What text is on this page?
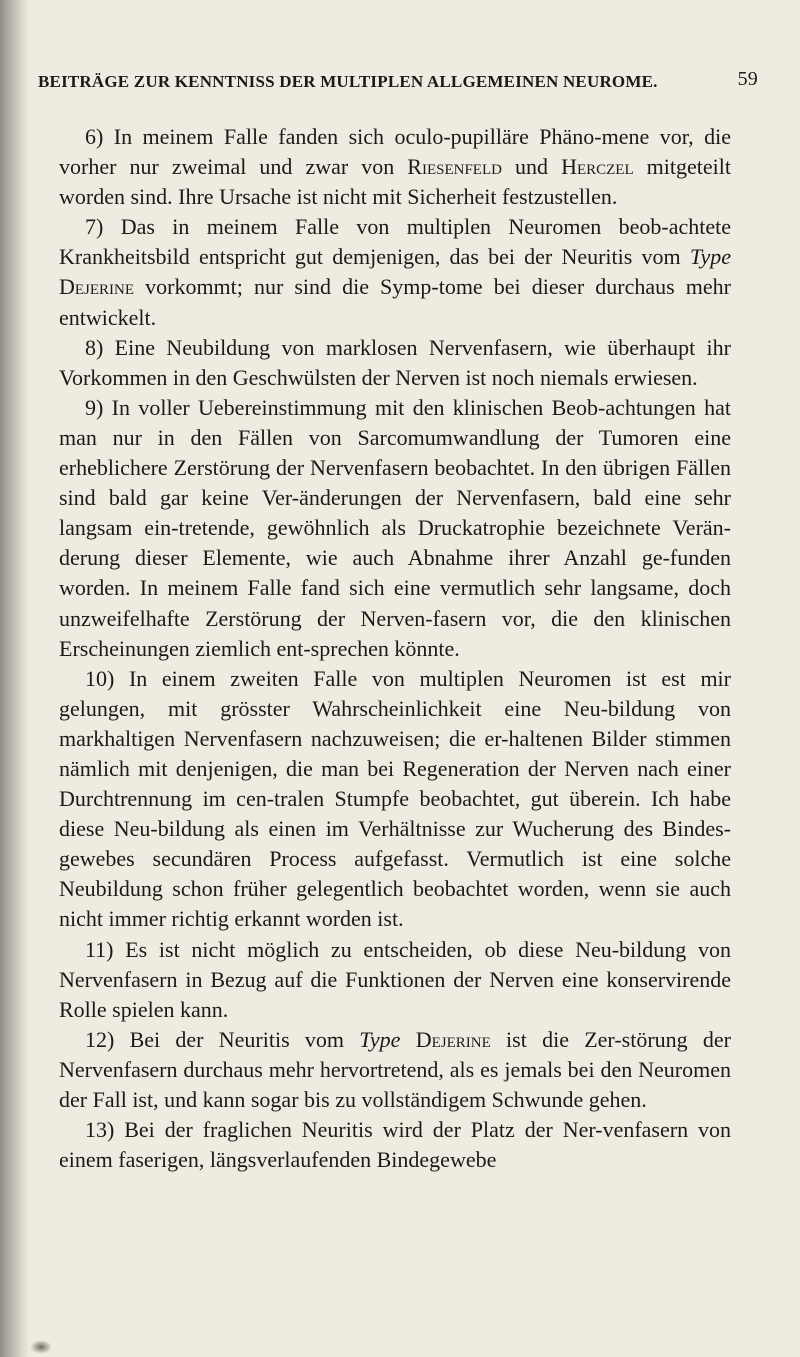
BEITRÄGE ZUR KENNTNISS DER MULTIPLEN ALLGEMEINEN NEUROME.	59

6) In meinem Falle fanden sich oculo-pupilläre Phäno-mene vor, die vorher nur zweimal und zwar von Riesenfeld und Herczel mitgeteilt worden sind. Ihre Ursache ist nicht mit Sicherheit festzustellen.

7) Das in meinem Falle von multiplen Neuromen beob-achtete Krankheitsbild entspricht gut demjenigen, das bei der Neuritis vom Type Dejerine vorkommt; nur sind die Symp-tome bei dieser durchaus mehr entwickelt.

8) Eine Neubildung von marklosen Nervenfasern, wie überhaupt ihr Vorkommen in den Geschwülsten der Nerven ist noch niemals erwiesen.

9) In voller Uebereinstimmung mit den klinischen Beob-achtungen hat man nur in den Fällen von Sarcomumwandlung der Tumoren eine erheblichere Zerstörung der Nervenfasern beobachtet. In den übrigen Fällen sind bald gar keine Ver-änderungen der Nervenfasern, bald eine sehr langsam ein-tretende, gewöhnlich als Druckatrophie bezeichnete Verän-derung dieser Elemente, wie auch Abnahme ihrer Anzahl ge-funden worden. In meinem Falle fand sich eine vermutlich sehr langsame, doch unzweifelhafte Zerstörung der Nerven-fasern vor, die den klinischen Erscheinungen ziemlich ent-sprechen könnte.

10) In einem zweiten Falle von multiplen Neuromen ist est mir gelungen, mit grösster Wahrscheinlichkeit eine Neu-bildung von markhaltigen Nervenfasern nachzuweisen; die er-haltenen Bilder stimmen nämlich mit denjenigen, die man bei Regeneration der Nerven nach einer Durchtrennung im cen-tralen Stumpfe beobachtet, gut überein. Ich habe diese Neu-bildung als einen im Verhältnisse zur Wucherung des Bindes-gewebes secundären Process aufgefasst. Vermutlich ist eine solche Neubildung schon früher gelegentlich beobachtet worden, wenn sie auch nicht immer richtig erkannt worden ist.

11) Es ist nicht möglich zu entscheiden, ob diese Neu-bildung von Nervenfasern in Bezug auf die Funktionen der Nerven eine konservirende Rolle spielen kann.

12) Bei der Neuritis vom Type Dejerine ist die Zer-störung der Nervenfasern durchaus mehr hervortretend, als es jemals bei den Neuromen der Fall ist, und kann sogar bis zu vollständigem Schwunde gehen.

13) Bei der fraglichen Neuritis wird der Platz der Ner-venfasern von einem faserigen, längsverlaufenden Bindegewebe
